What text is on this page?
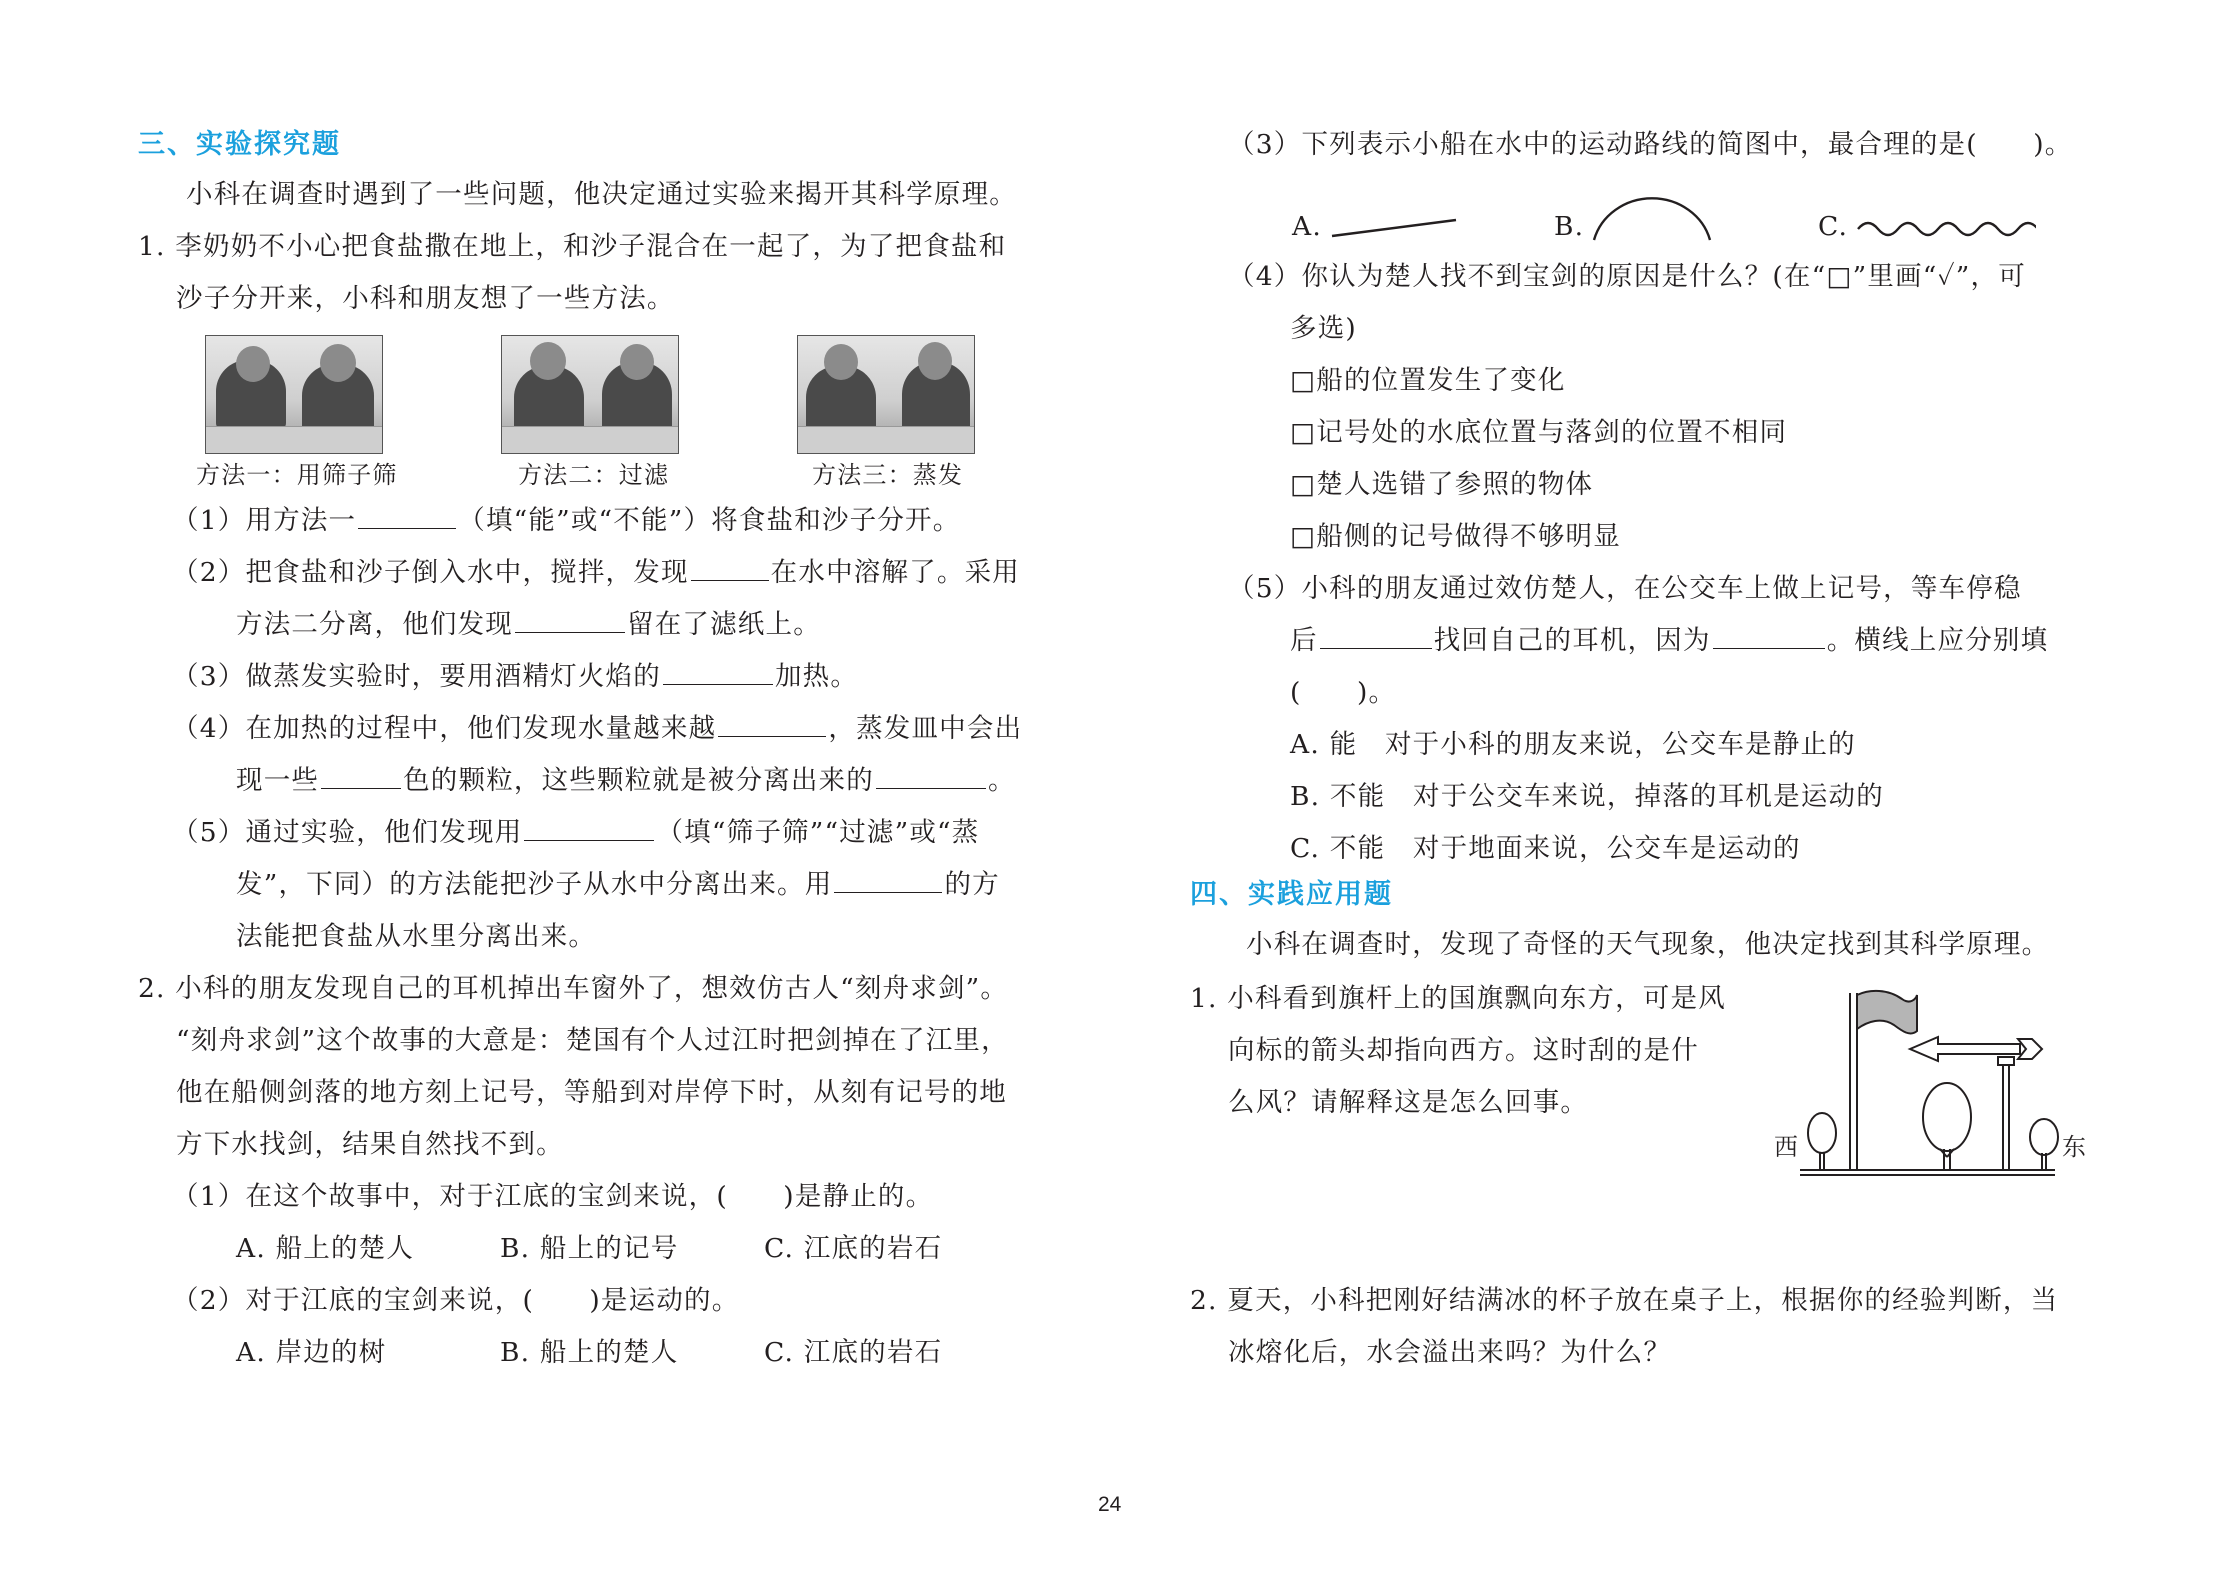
三、实验探究题
小科在调查时遇到了一些问题，他决定通过实验来揭开其科学原理。
1. 李奶奶不小心把食盐撒在地上，和沙子混合在一起了，为了把食盐和
沙子分开来，小科和朋友想了一些方法。
方法一：用筛子筛	方法二：过滤	方法三：蒸发
（1）用方法一	（填“能”或“不能”）将食盐和沙子分开。
（2）把食盐和沙子倒入水中，搅拌，发现	在水中溶解了。采用
方法二分离，他们发现	留在了滤纸上。
（3）做蒸发实验时，要用酒精灯火焰的	加热。
（4）在加热的过程中，他们发现水量越来越	，蒸发皿中会出
现一些	色的颗粒，这些颗粒就是被分离出来的	。
（5）通过实验，他们发现用	（填“筛子筛”“过滤”或“蒸
发”，下同）的方法能把沙子从水中分离出来。用	的方
法能把食盐从水里分离出来。
2. 小科的朋友发现自己的耳机掉出车窗外了，想效仿古人“刻舟求剑”。
“刻舟求剑”这个故事的大意是：楚国有个人过江时把剑掉在了江里，
他在船侧剑落的地方刻上记号，等船到对岸停下时，从刻有记号的地
方下水找剑，结果自然找不到。
（1）在这个故事中，对于江底的宝剑来说，(　　)是静止的。
A. 船上的楚人	B. 船上的记号	C. 江底的岩石
（2）对于江底的宝剑来说，(　　)是运动的。
A. 岸边的树	B. 船上的楚人	C. 江底的岩石
（3）下列表示小船在水中的运动路线的简图中，最合理的是(　　)。
A.	B.	C.
（4）你认为楚人找不到宝剑的原因是什么？(在“□”里画“✓”，可
多选)
□船的位置发生了变化
□记号处的水底位置与落剑的位置不相同
□楚人选错了参照的物体
□船侧的记号做得不够明显
（5）小科的朋友通过效仿楚人，在公交车上做上记号，等车停稳
后	找回自己的耳机，因为	。横线上应分别填
(　　)。
A. 能　对于小科的朋友来说，公交车是静止的
B. 不能　对于公交车来说，掉落的耳机是运动的
C. 不能　对于地面来说，公交车是运动的
四、实践应用题
小科在调查时，发现了奇怪的天气现象，他决定找到其科学原理。
1. 小科看到旗杆上的国旗飘向东方，可是风
向标的箭头却指向西方。这时刮的是什
么风？请解释这是怎么回事。
西	东
2. 夏天，小科把刚好结满冰的杯子放在桌子上，根据你的经验判断，当
冰熔化后，水会溢出来吗？为什么？
24
